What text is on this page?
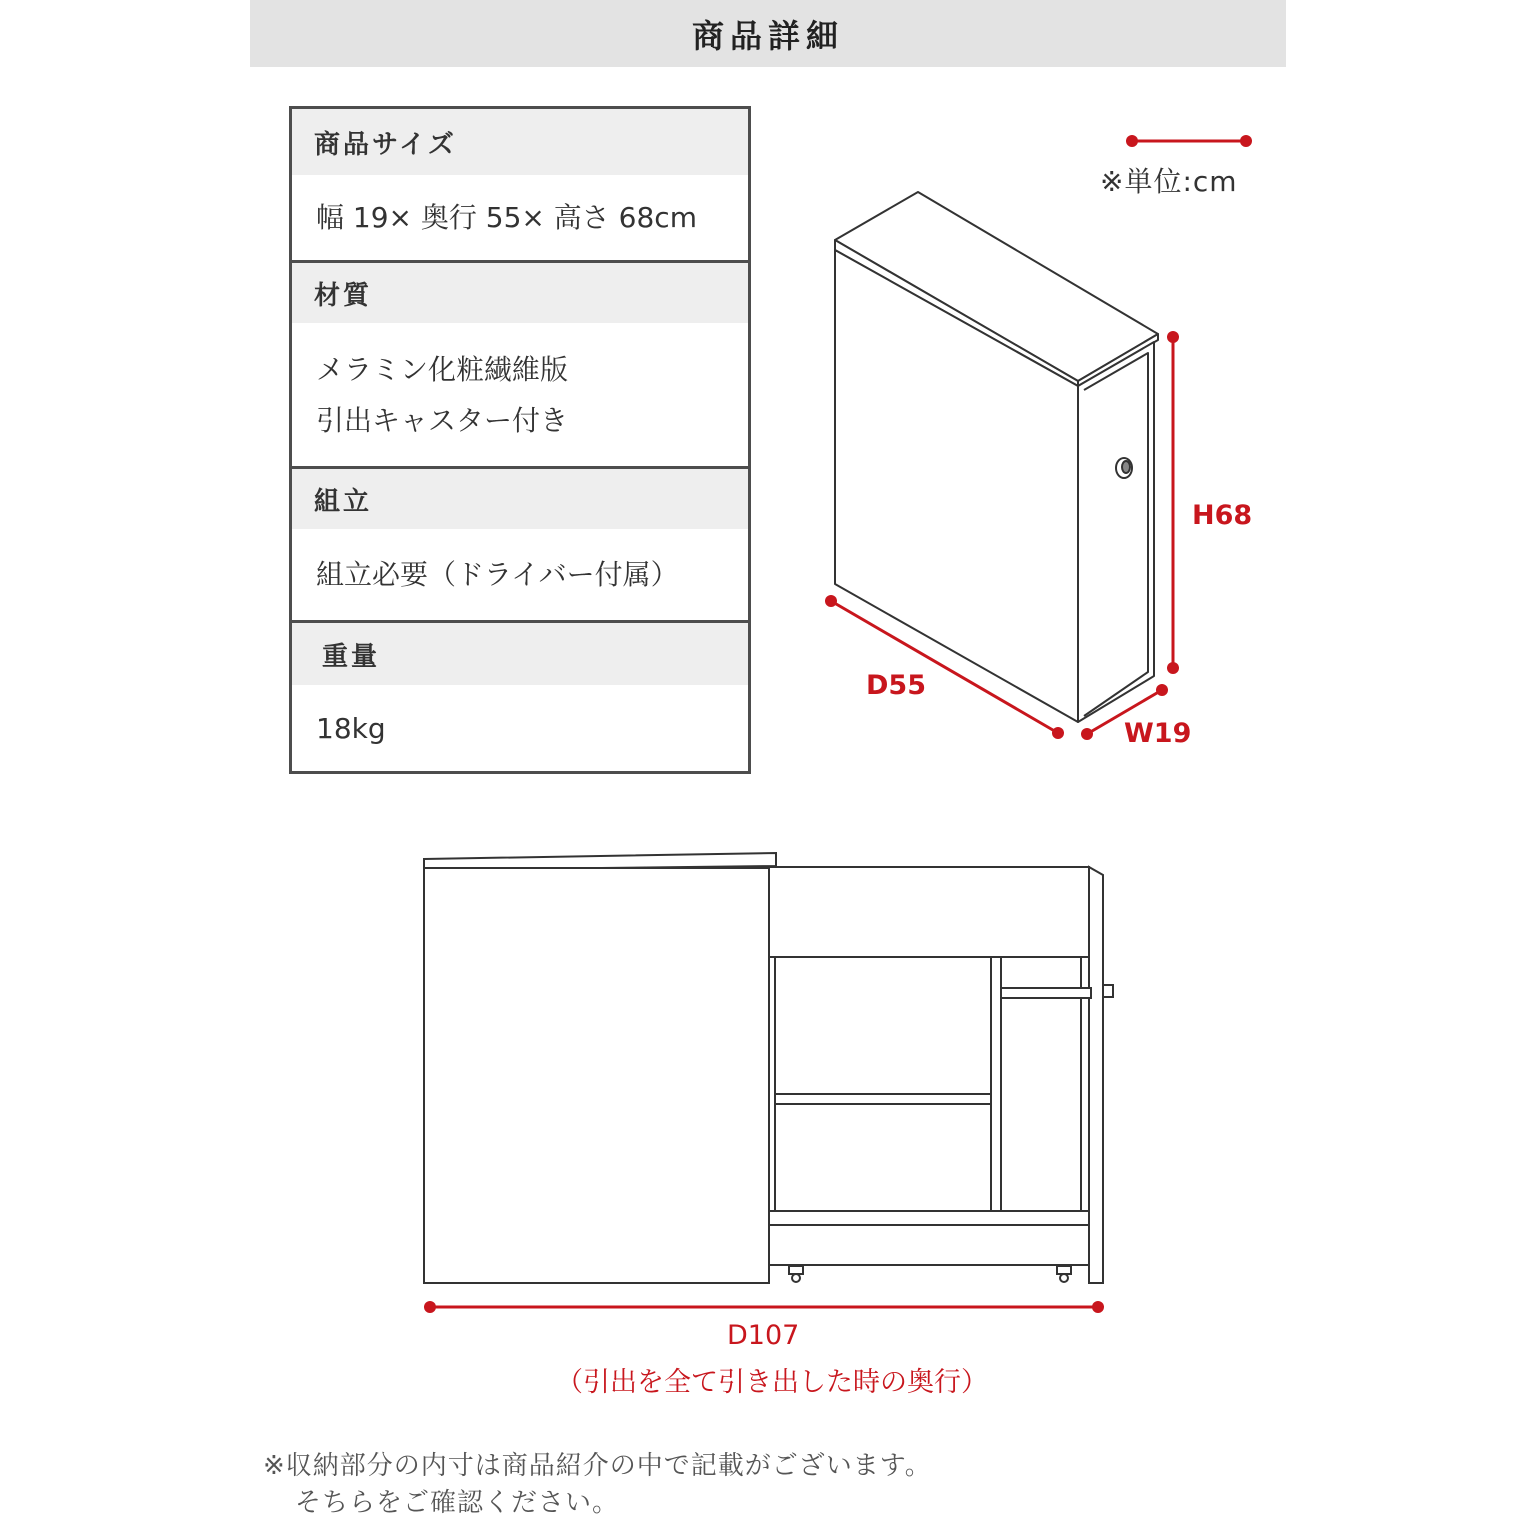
商品詳細
商品サイズ
幅 19× 奥行 55× 高さ 68cm
材質
メラミン化粧繊維版
引出キャスター付き
組立
組立必要（ドライバー付属）
重量
18kg
※単位:cm
H68
D55
W19
D107
（引出を全て引き出した時の奥行）
※収納部分の内寸は商品紹介の中で記載がございます。
そちらをご確認ください。
